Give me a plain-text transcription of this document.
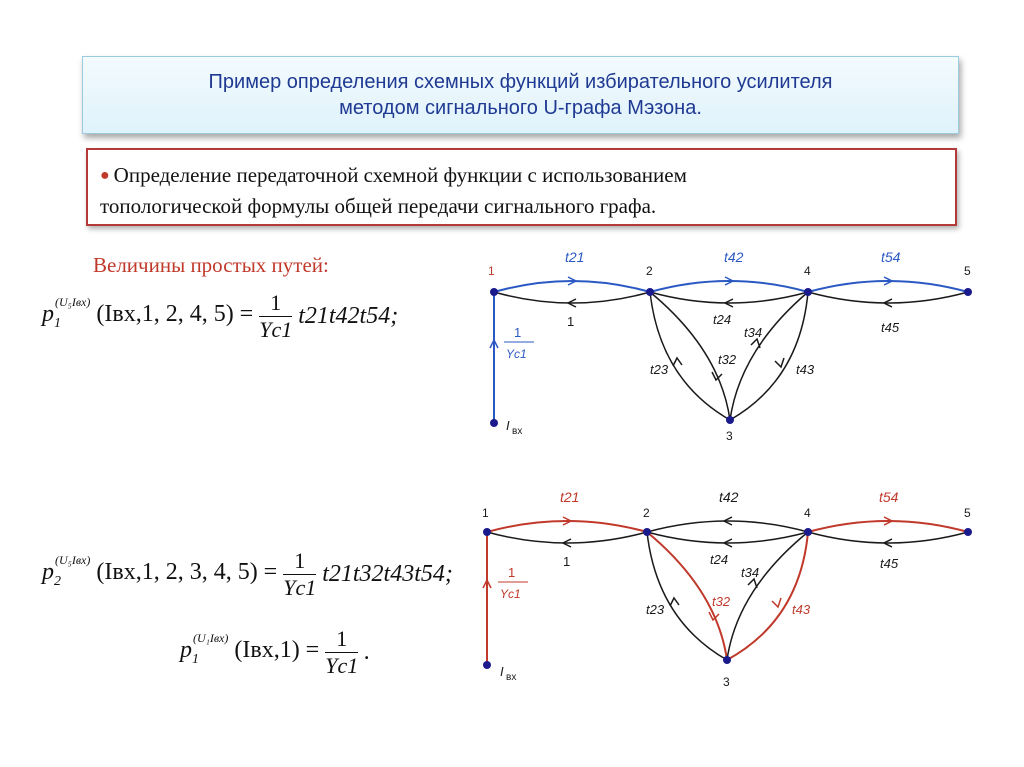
Пример определения схемных функций избирательного усилителя
методом сигнального U-графа Мэзона.
● Определение передаточной схемной функции с использованием
топологической формулы общей передачи сигнального графа.
Величины простых путей:
$p_1^{(U_5Iвх)}$ (Iвх,1, 2, 4, $5) = \frac{1}{Yc1} t21t42t54$;
$p_2^{(U_5Iвх)}$ (Iвх,1, 2, 3, 4, $5) = \frac{1}{Yc1} t21t32t43t54$;
$p_1^{(U_1Iвх)}$ $(Iвх,1) = \frac{1}{Yc1}$ .
1	2	4	5
3
t21	t42	t54
1	t24
t34	t45
t23
t32
t43
1
Yc1
I вх
1	2	4	5
3
t21	t42	t54
1	t24
t34
t45
t23
t32
t43
1
Yc1
I вх
